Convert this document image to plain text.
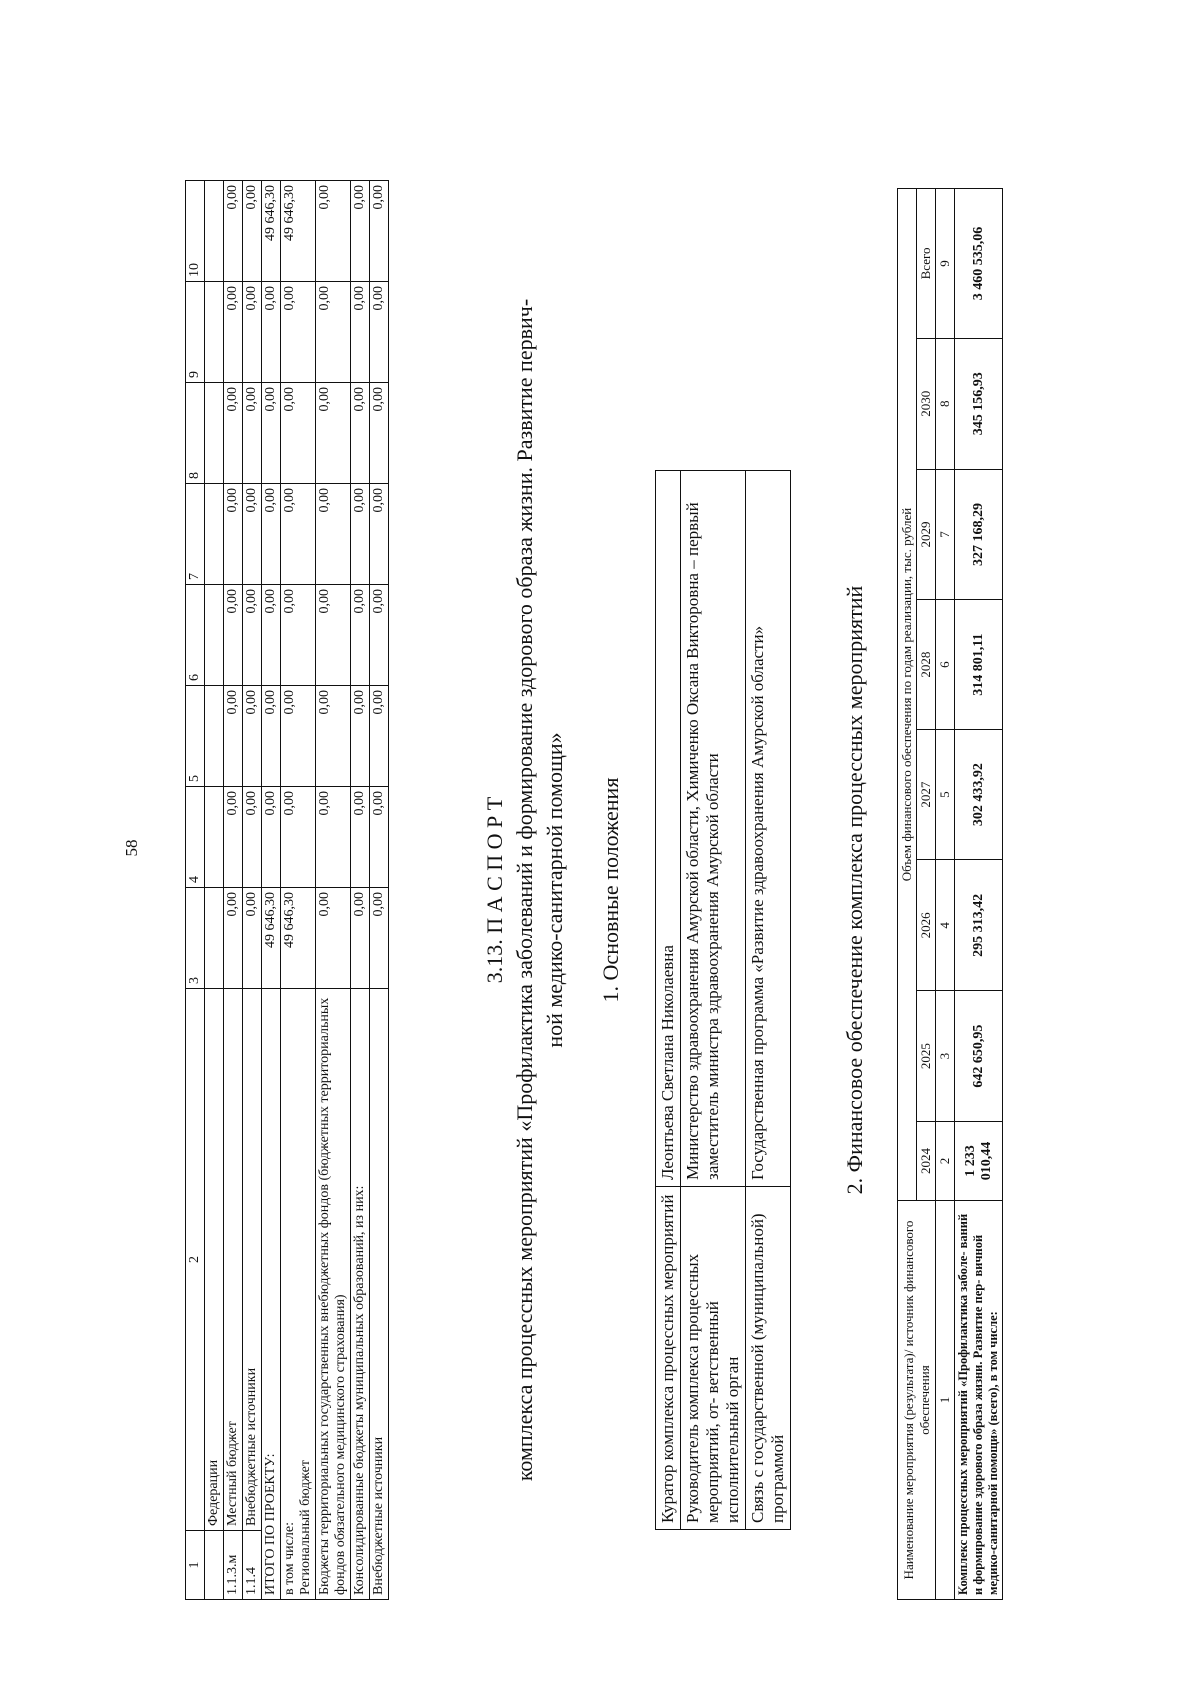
58
1	2	3	4	5	6	7	8	9	10
	Федерации								
1.1.3.м	Местный бюджет	0,00	0,00	0,00	0,00	0,00	0,00	0,00	0,00
1.1.4	Внебюджетные источники	0,00	0,00	0,00	0,00	0,00	0,00	0,00	0,00
ИТОГО ПО ПРОЕКТУ:		49 646,30	0,00	0,00	0,00	0,00	0,00	0,00	49 646,30

в том числе: Региональный бюджет		49 646,30	0,00	0,00	0,00	0,00	0,00	0,00	49 646,30
Бюджеты территориальных государственных внебюджетных фондов (бюджетных территориальных фондов обязательного медицинского страхования)		0,00	0,00	0,00	0,00	0,00	0,00	0,00	0,00
Консолидированные бюджеты муниципальных образований, из них:		0,00	0,00	0,00	0,00	0,00	0,00	0,00	0,00
Внебюджетные источники		0,00	0,00	0,00	0,00	0,00	0,00	0,00	0,00
3.13. П А С П О Р Т комплекса процессных мероприятий «Профилактика заболеваний и формирование здорового образа жизни. Развитие первич- ной медико-санитарной помощи» 1. Основные положения
Куратор комплекса процессных мероприятий	Леонтьева Светлана Николаевна
Руководитель комплекса процессных мероприятий, от- ветственный исполнительный орган	Министерство здравоохранения Амурской области, Химиченко Оксана Викторовна – первый заместитель министра здравоохранения Амурской области
Связь с государственной (муниципальной) программой	Государственная программа «Развитие здравоохранения Амурской области»	2. Финансовое обеспечение комплекса процессных мероприятий
Наименование мероприятия (результата)/ источник финансового обеспечения	Объем финансового обеспечения по годам реализации, тыс. рублей							
	2024	2025	2026	2027	2028	2029	2030	Всего
1	2	3	4	5	6	7	8	9
Комплекс процессных мероприятий «Профилактика заболе- ваний и формирование здорового образа жизни. Развитие пер- вичной медико-санитарной помощи» (всего), в том числе:	1 233 010,44	642 650,95	295 313,42	302 433,92	314 801,11	327 168,29	345 156,93	3 460 535,06
